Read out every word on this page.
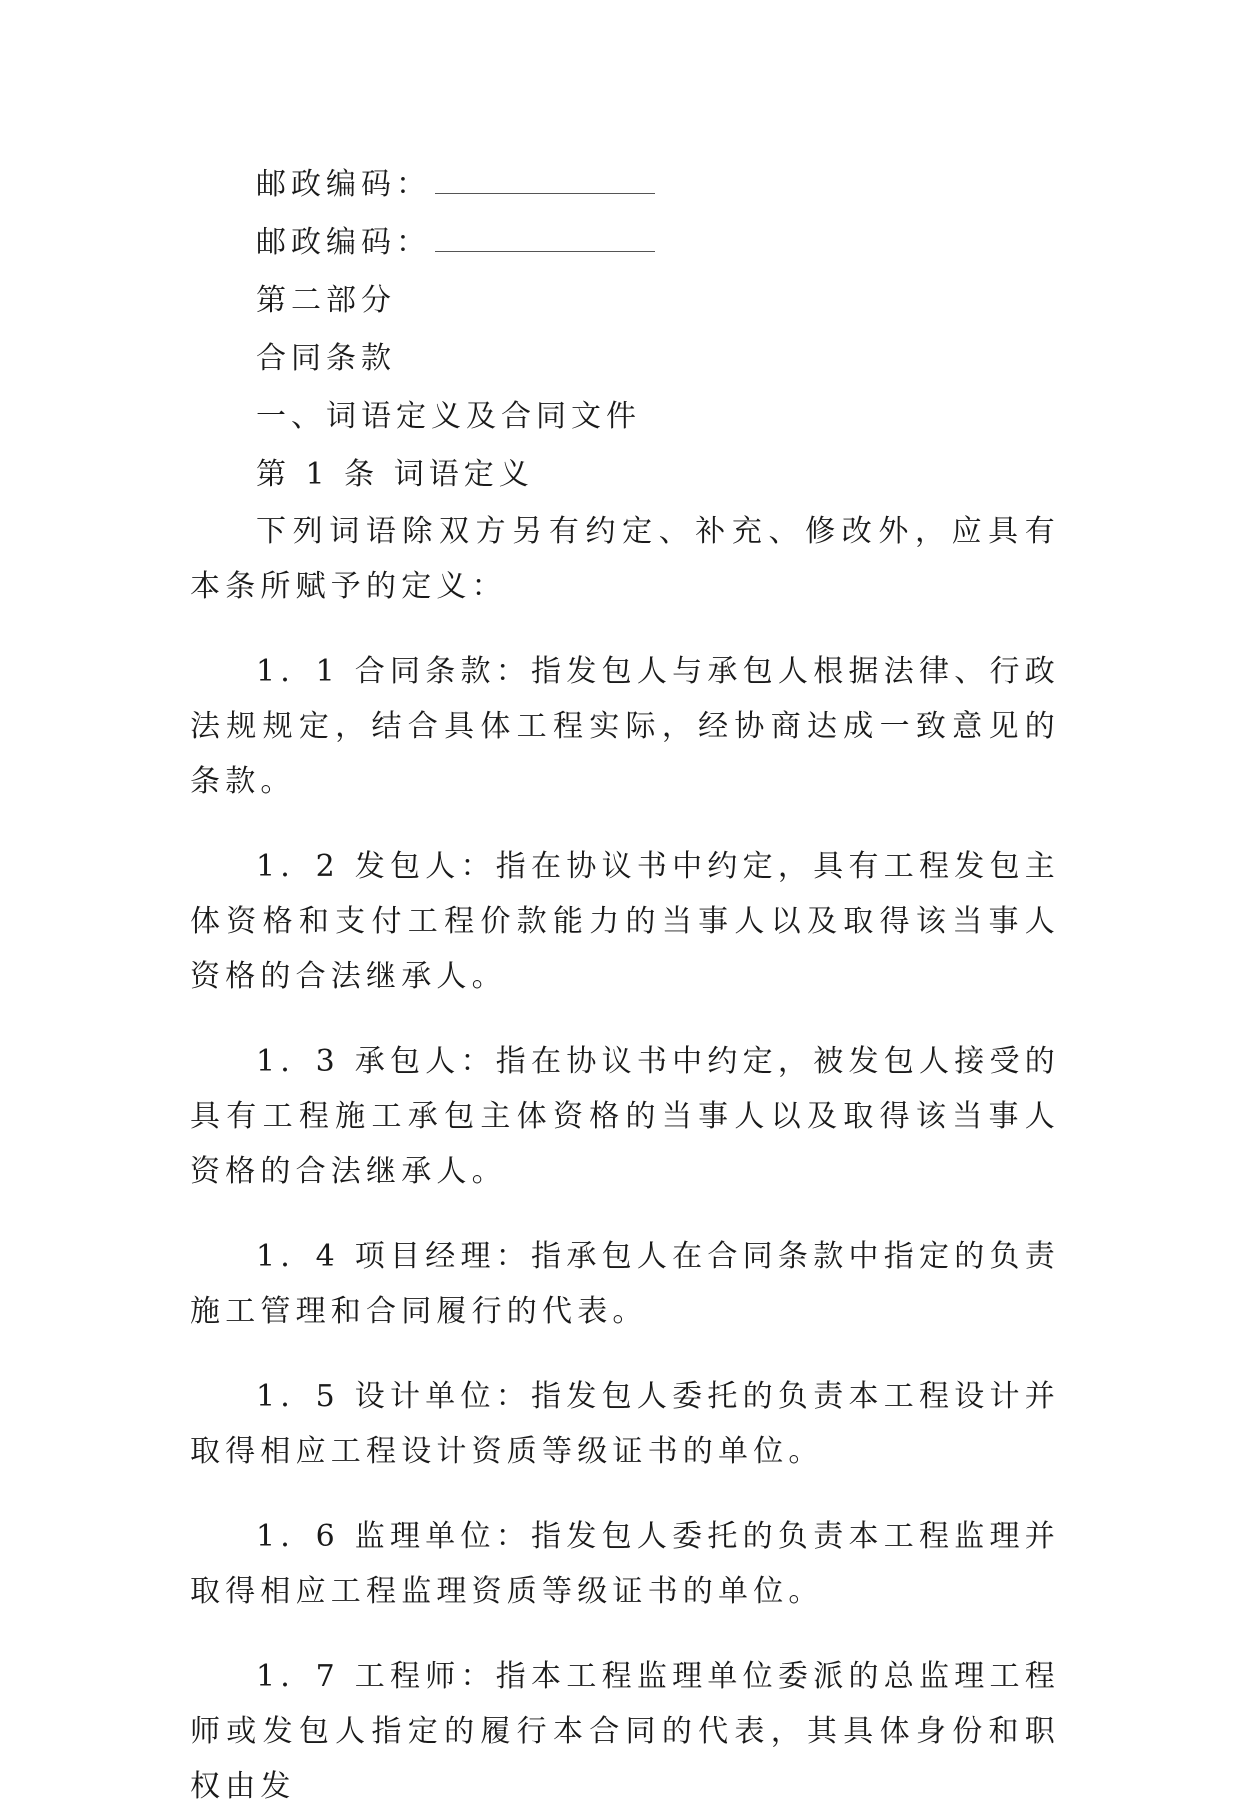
邮政编码：
邮政编码：
第二部分
合同条款
一、词语定义及合同文件
第 1 条 词语定义

下列词语除双方另有约定、补充、修改外，应具有本条所赋予的定义：

1．1 合同条款：指发包人与承包人根据法律、行政法规规定，结合具体工程实际，经协商达成一致意见的条款。

1．2 发包人：指在协议书中约定，具有工程发包主体资格和支付工程价款能力的当事人以及取得该当事人资格的合法继承人。

1．3 承包人：指在协议书中约定，被发包人接受的具有工程施工承包主体资格的当事人以及取得该当事人资格的合法继承人。

1．4 项目经理：指承包人在合同条款中指定的负责施工管理和合同履行的代表。

1．5 设计单位：指发包人委托的负责本工程设计并取得相应工程设计资质等级证书的单位。

1．6 监理单位：指发包人委托的负责本工程监理并取得相应工程监理资质等级证书的单位。

1．7 工程师：指本工程监理单位委派的总监理工程师或发包人指定的履行本合同的代表，其具体身份和职权由发
